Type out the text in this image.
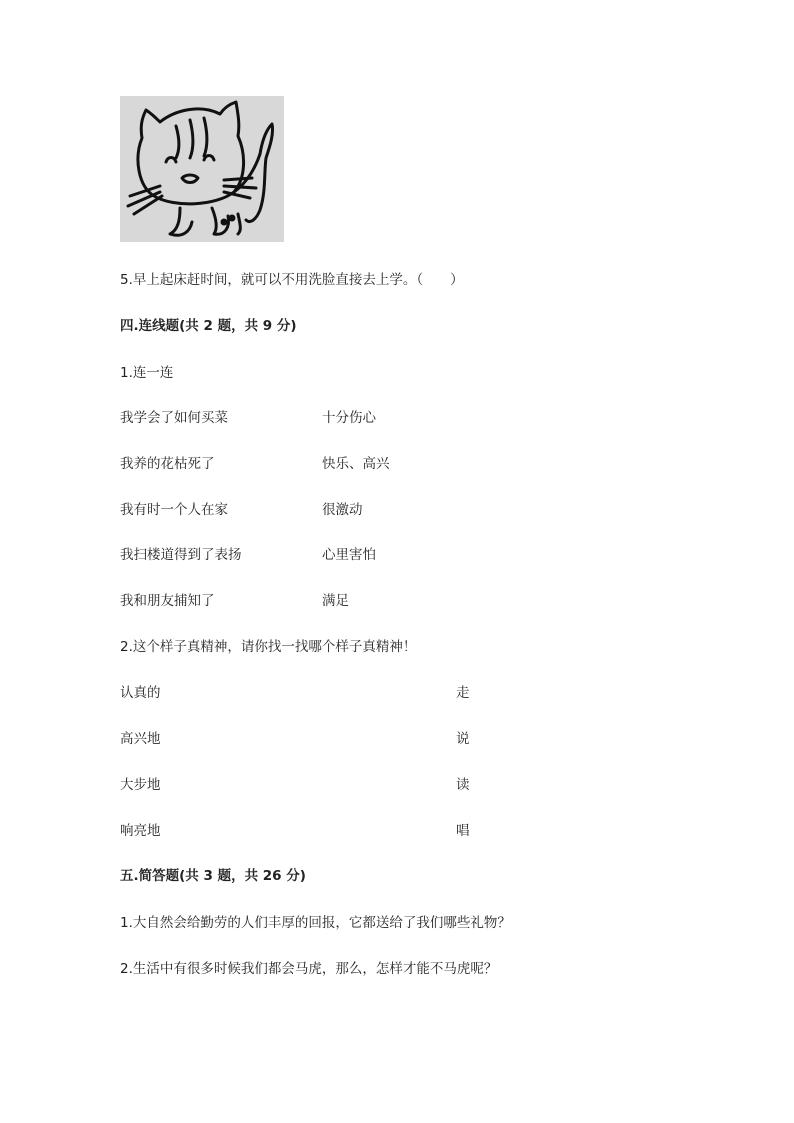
5.早上起床赶时间，就可以不用洗脸直接去上学。（　　）
四.连线题(共 2 题，共 9 分)
1.连一连
我学会了如何买菜	十分伤心
我养的花枯死了	快乐、高兴
我有时一个人在家	很激动
我扫楼道得到了表扬	心里害怕
我和朋友捕知了	满足
2.这个样子真精神，请你找一找哪个样子真精神！
认真的	走
高兴地	说
大步地	读
响亮地	唱
五.简答题(共 3 题，共 26 分)
1.大自然会给勤劳的人们丰厚的回报，它都送给了我们哪些礼物？
2.生活中有很多时候我们都会马虎，那么，怎样才能不马虎呢？
